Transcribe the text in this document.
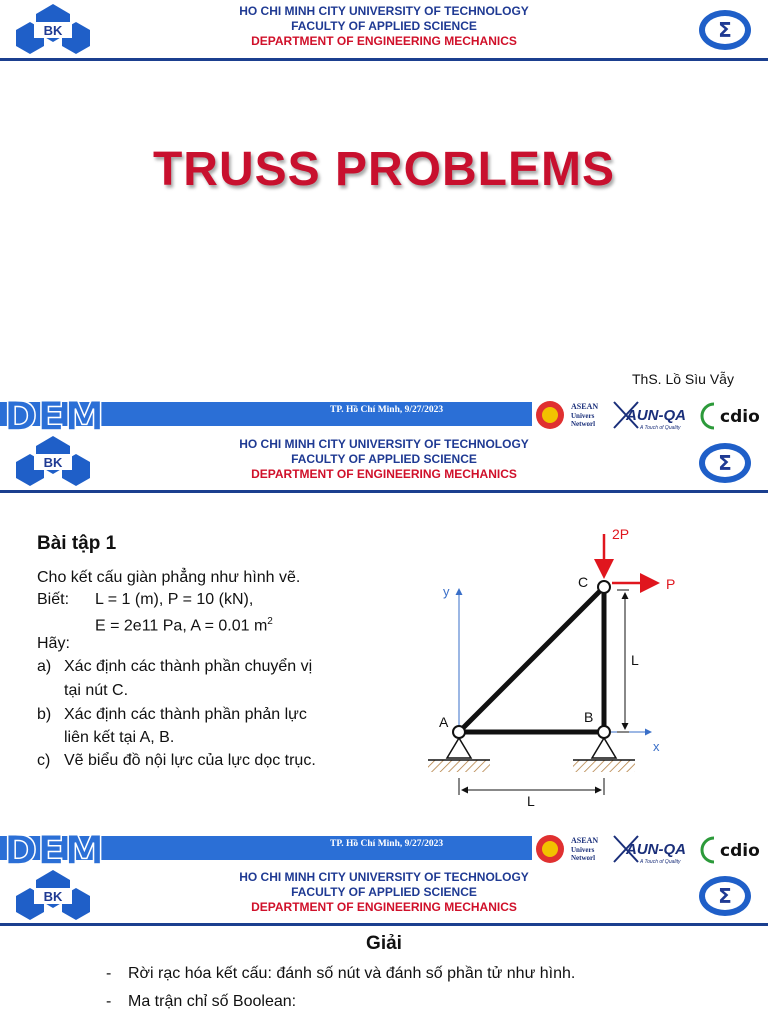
BK
HO CHI MINH CITY UNIVERSITY OF TECHNOLOGY
FACULTY OF APPLIED SCIENCE
DEPARTMENT OF ENGINEERING MECHANICS	Σ
TRUSS PROBLEMS
ThS. Lồ Sìu Vẫy
DEM	TP. Hồ Chí Minh, 9/27/2023	ASEAN
Univers
Networl AUN-QA
A Touch of Quality
cdio
BK
HO CHI MINH CITY UNIVERSITY OF TECHNOLOGY
FACULTY OF APPLIED SCIENCE
DEPARTMENT OF ENGINEERING MECHANICS	Σ
Bài tập 1
Cho kết cấu giàn phẳng như hình vẽ.
Biết: L = 1 (m), P = 10 (kN),
E = 2e11 Pa, A = 0.01 $m^2$
Hãy:
a) Xác định các thành phần chuyển vị
tại nút C.
b) Xác định các thành phần phản lực
liên kết tại A, B.
c) Vẽ biểu đồ nội lực của lực dọc trục.
y
x
A	B
C
2P
P
L
L
DEM	TP. Hồ Chí Minh, 9/27/2023	ASEAN
Univers
Networl AUN-QA
A Touch of Quality
cdio
BK
HO CHI MINH CITY UNIVERSITY OF TECHNOLOGY
FACULTY OF APPLIED SCIENCE
DEPARTMENT OF ENGINEERING MECHANICS	Σ
Giải
- Rời rạc hóa kết cấu: đánh số nút và đánh số phần tử như hình.
- Ma trận chỉ số Boolean:
